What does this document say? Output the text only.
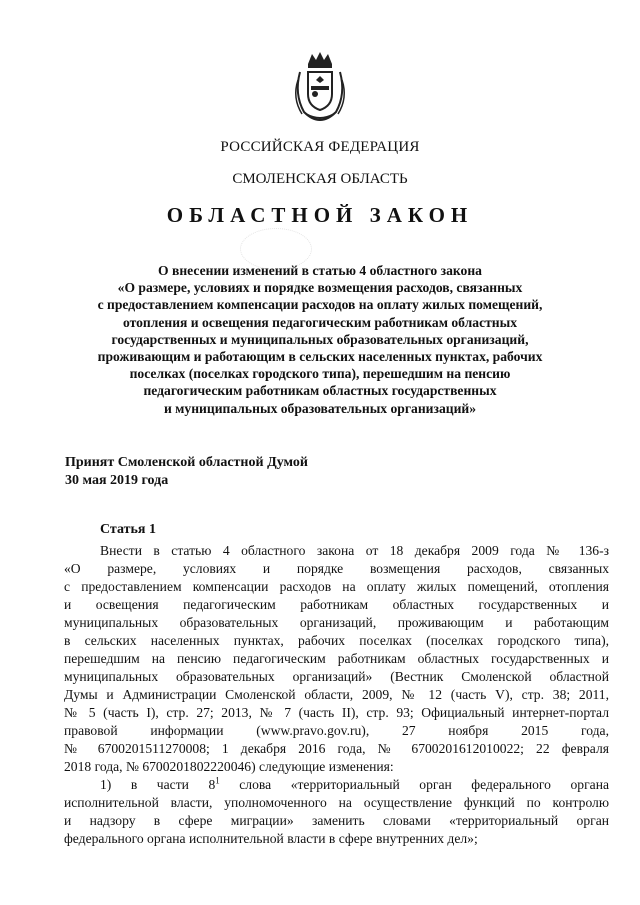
РОССИЙСКАЯ ФЕДЕРАЦИЯ
СМОЛЕНСКАЯ ОБЛАСТЬ
ОБЛАСТНОЙ ЗАКОН
О внесении изменений в статью 4 областного закона
«О размере, условиях и порядке возмещения расходов, связанных
с предоставлением компенсации расходов на оплату жилых помещений,
отопления и освещения педагогическим работникам областных
государственных и муниципальных образовательных организаций,
проживающим и работающим в сельских населенных пунктах, рабочих
поселках (поселках городского типа), перешедшим на пенсию
педагогическим работникам областных государственных
и муниципальных образовательных организаций»
Принят Смоленской областной Думой
30 мая 2019 года
Статья 1
Внести в статью 4 областного закона от 18 декабря 2009 года № 136-з
«О размере, условиях и порядке возмещения расходов, связанных
с предоставлением компенсации расходов на оплату жилых помещений, отопления
и освещения педагогическим работникам областных государственных и
муниципальных образовательных организаций, проживающим и работающим
в сельских населенных пунктах, рабочих поселках (поселках городского типа),
перешедшим на пенсию педагогическим работникам областных государственных и
муниципальных образовательных организаций» (Вестник Смоленской областной
Думы и Администрации Смоленской области, 2009, № 12 (часть V), стр. 38; 2011,
№ 5 (часть I), стр. 27; 2013, № 7 (часть II), стр. 93; Официальный интернет-портал
правовой информации (www.pravo.gov.ru), 27 ноября 2015 года,
№ 6700201511270008; 1 декабря 2016 года, № 6700201612010022; 22 февраля
2018 года, № 6700201802220046) следующие изменения:
1) в части $8^1$ слова «территориальный орган федерального органа
исполнительной власти, уполномоченного на осуществление функций по контролю
и надзору в сфере миграции» заменить словами «территориальный орган
федерального органа исполнительной власти в сфере внутренних дел»;
